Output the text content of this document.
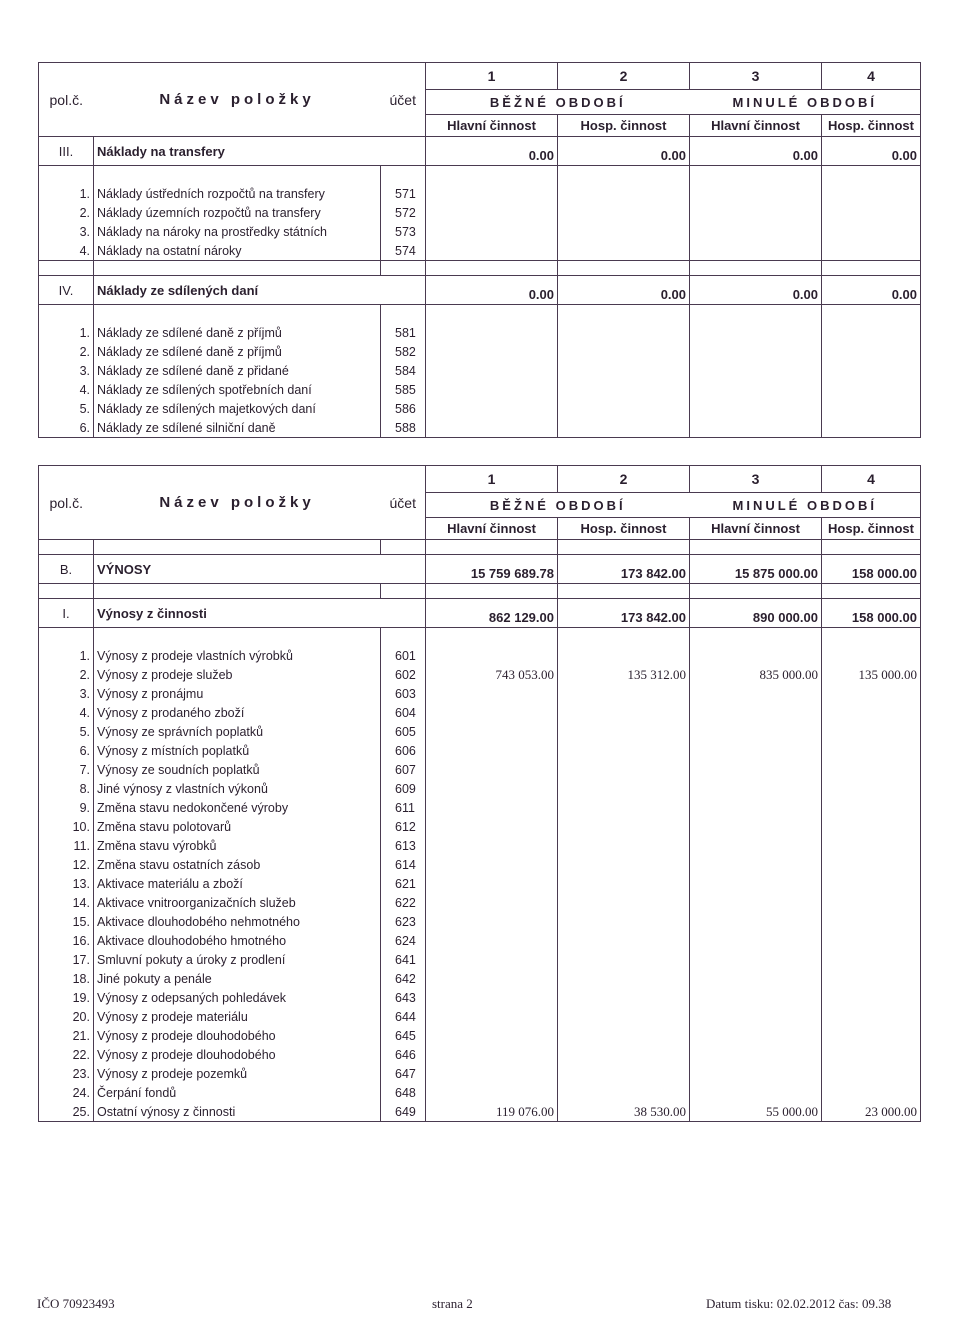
pol.č.	Název položky	účet	1	2	3	4
			BĚŽNÉ OBDOBÍ		MINULÉ OBDOBÍ	
			Hlavní činnost	Hosp. činnost	Hlavní činnost	Hosp. činnost
III.	Náklady na transfery		0.00	0.00	0.00	0.00

1.	Náklady ústředních rozpočtů na transfery	571				
2.	Náklady územních rozpočtů na transfery	572				
3.	Náklady na nároky na prostředky státních	573				
4.	Náklady na ostatní nároky	574				

IV.	Náklady ze sdílených daní		0.00	0.00	0.00	0.00

1.	Náklady ze sdílené daně z příjmů	581				
2.	Náklady ze sdílené daně z příjmů	582				
3.	Náklady ze sdílené daně z přidané	584				
4.	Náklady ze sdílených spotřebních daní	585				
5.	Náklady ze sdílených majetkových daní	586				
6.	Náklady ze sdílené silniční daně	588				
pol.č.	Název položky	účet	1	2	3	4
			BĚŽNÉ OBDOBÍ		MINULÉ OBDOBÍ	
			Hlavní činnost	Hosp. činnost	Hlavní činnost	Hosp. činnost

B.	VÝNOSY		15 759 689.78	173 842.00	15 875 000.00	158 000.00

I.	Výnosy z činnosti		862 129.00	173 842.00	890 000.00	158 000.00

1.	Výnosy z prodeje vlastních výrobků	601				
2.	Výnosy z prodeje služeb	602	743 053.00	135 312.00	835 000.00	135 000.00
3.	Výnosy z pronájmu	603				
4.	Výnosy z prodaného zboží	604				
5.	Výnosy ze správních poplatků	605				
6.	Výnosy z místních poplatků	606				
7.	Výnosy ze soudních poplatků	607				
8.	Jiné výnosy z vlastních výkonů	609				
9.	Změna stavu nedokončené výroby	611				
10.	Změna stavu polotovarů	612				
11.	Změna stavu výrobků	613				
12.	Změna stavu ostatních zásob	614				
13.	Aktivace materiálu a zboží	621				
14.	Aktivace vnitroorganizačních služeb	622				
15.	Aktivace dlouhodobého nehmotného	623				
16.	Aktivace dlouhodobého hmotného	624				
17.	Smluvní pokuty a úroky z prodlení	641				
18.	Jiné pokuty a penále	642				
19.	Výnosy z odepsaných pohledávek	643				
20.	Výnosy z prodeje materiálu	644				
21.	Výnosy z prodeje dlouhodobého	645				
22.	Výnosy z prodeje dlouhodobého	646				
23.	Výnosy z prodeje pozemků	647				
24.	Čerpání fondů	648				
25.	Ostatní výnosy z činnosti	649	119 076.00	38 530.00	55 000.00	23 000.00
IČO 70923493	strana 2	Datum tisku: 02.02.2012 čas: 09.38
